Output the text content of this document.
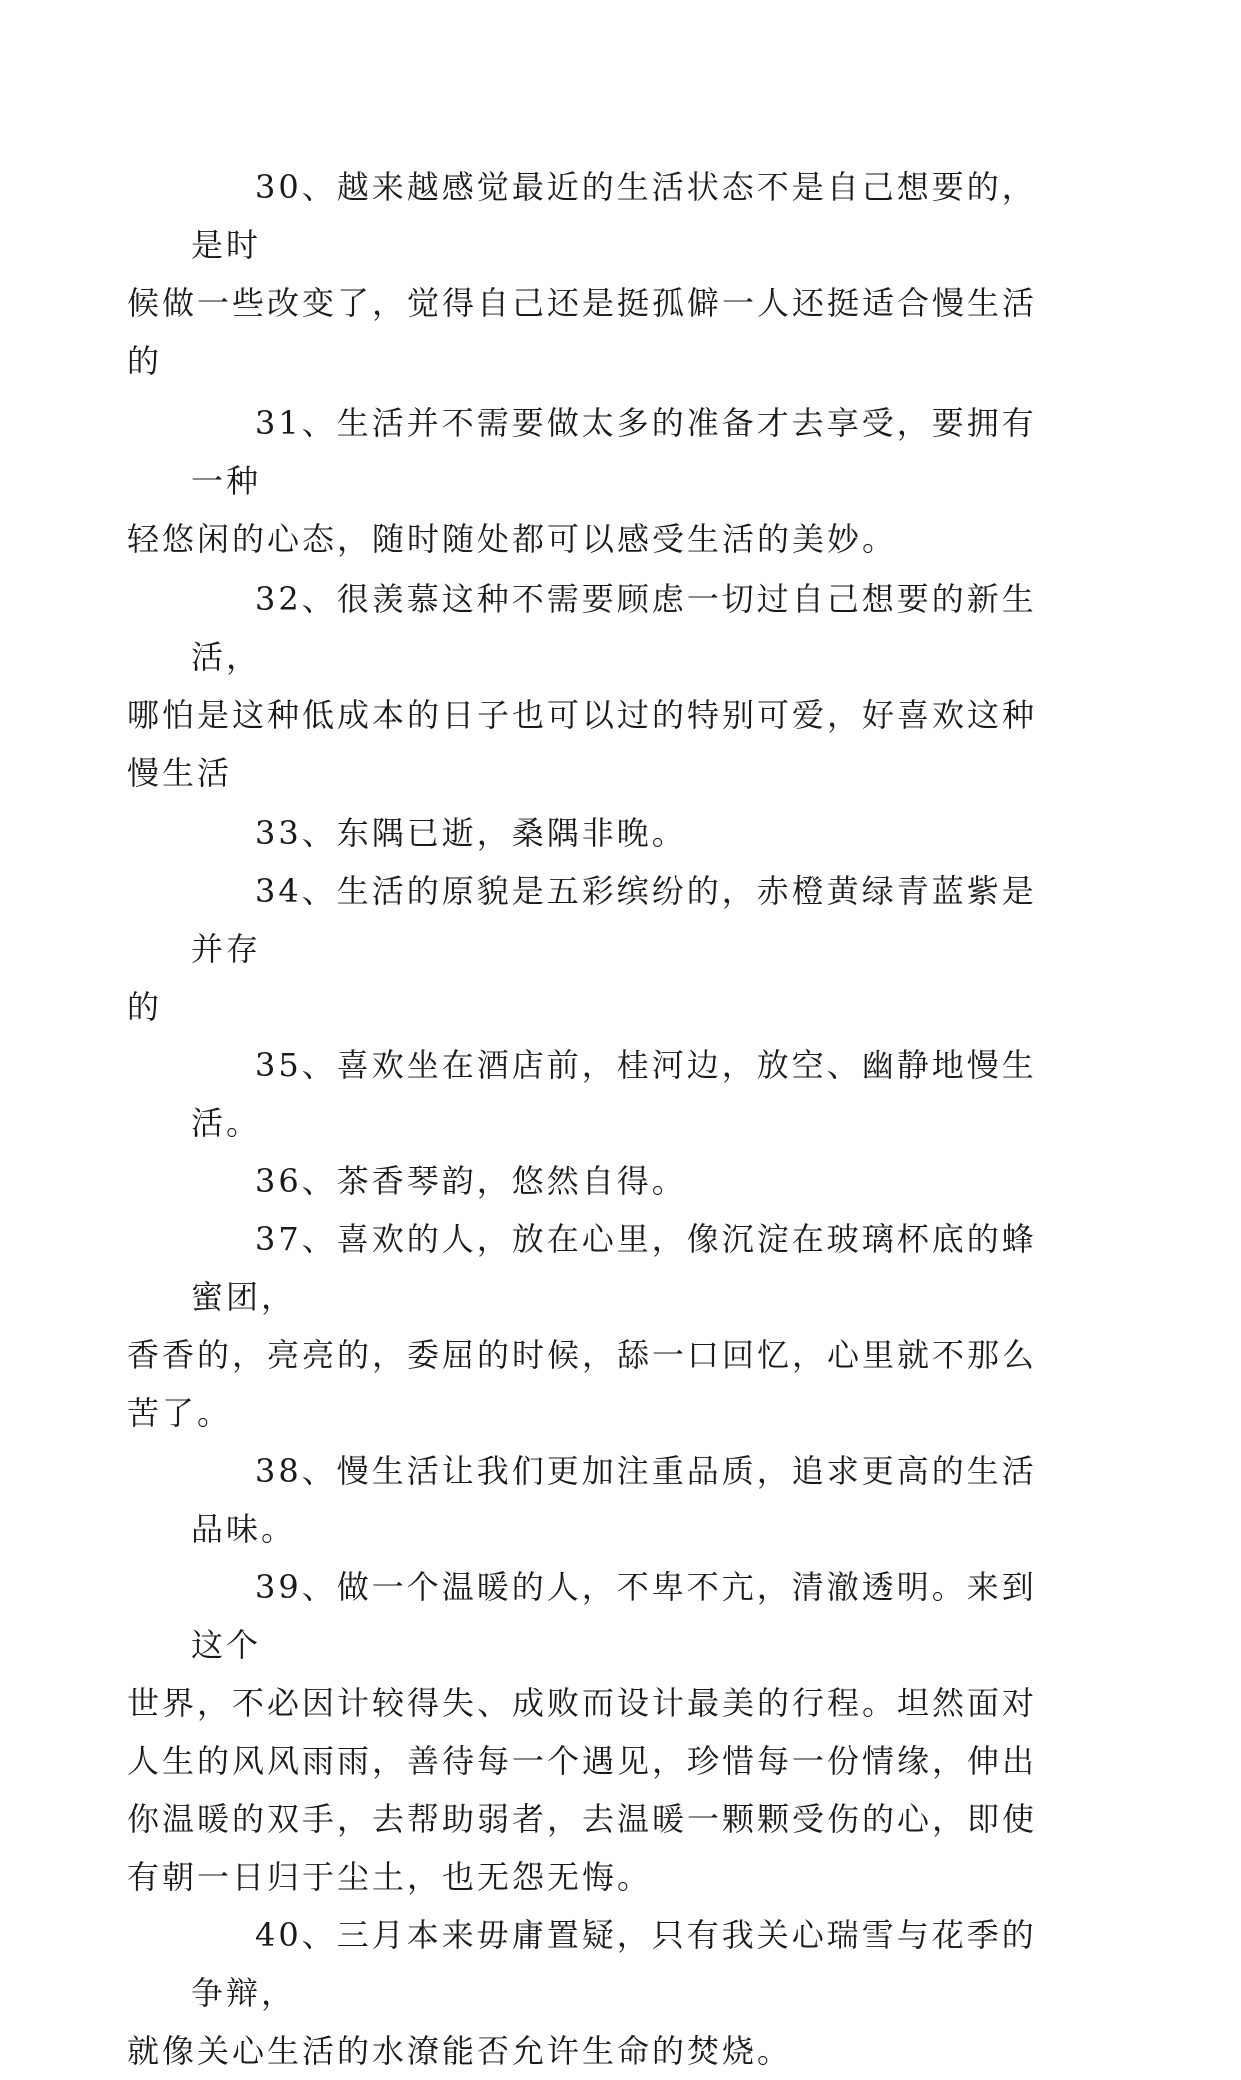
30、越来越感觉最近的生活状态不是自己想要的，是时
候做一些改变了，觉得自己还是挺孤僻一人还挺适合慢生活
的

31、生活并不需要做太多的准备才去享受，要拥有一种
轻悠闲的心态，随时随处都可以感受生活的美妙。

32、很羡慕这种不需要顾虑一切过自己想要的新生活，
哪怕是这种低成本的日子也可以过的特别可爱，好喜欢这种
慢生活

33、东隅已逝，桑隅非晚。

34、生活的原貌是五彩缤纷的，赤橙黄绿青蓝紫是并存
的

35、喜欢坐在酒店前，桂河边，放空、幽静地慢生活。

36、茶香琴韵，悠然自得。

37、喜欢的人，放在心里，像沉淀在玻璃杯底的蜂蜜团，
香香的，亮亮的，委屈的时候，舔一口回忆，心里就不那么
苦了。

38、慢生活让我们更加注重品质，追求更高的生活品味。

39、做一个温暖的人，不卑不亢，清澈透明。来到这个
世界，不必因计较得失、成败而设计最美的行程。坦然面对
人生的风风雨雨，善待每一个遇见，珍惜每一份情缘，伸出
你温暖的双手，去帮助弱者，去温暖一颗颗受伤的心，即使
有朝一日归于尘土，也无怨无悔。

40、三月本来毋庸置疑，只有我关心瑞雪与花季的争辩，
就像关心生活的水潦能否允许生命的焚烧。
